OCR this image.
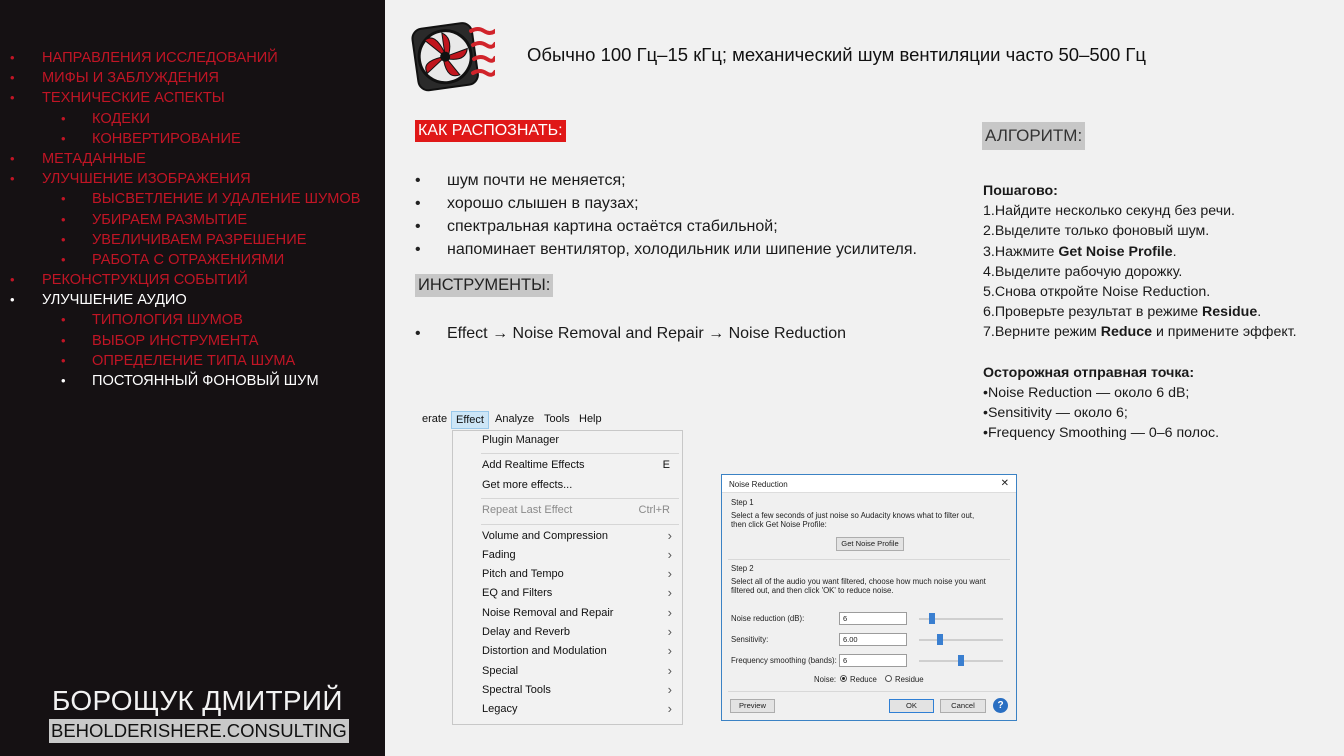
• НАПРАВЛЕНИЯ ИССЛЕДОВАНИЙ
• МИФЫ И ЗАБЛУЖДЕНИЯ
• ТЕХНИЧЕСКИЕ АСПЕКТЫ
• КОДЕКИ
• КОНВЕРТИРОВАНИЕ
• МЕТАДАННЫЕ
• УЛУЧШЕНИЕ ИЗОБРАЖЕНИЯ
• ВЫСВЕТЛЕНИЕ И УДАЛЕНИЕ ШУМОВ
• УБИРАЕМ РАЗМЫТИЕ
• УВЕЛИЧИВАЕМ РАЗРЕШЕНИЕ
• РАБОТА С ОТРАЖЕНИЯМИ
• РЕКОНСТРУКЦИЯ СОБЫТИЙ
• УЛУЧШЕНИЕ АУДИО
• ТИПОЛОГИЯ ШУМОВ
• ВЫБОР ИНСТРУМЕНТА
• ОПРЕДЕЛЕНИЕ ТИПА ШУМА
• ПОСТОЯННЫЙ ФОНОВЫЙ ШУМ
БОРОЩУК ДМИТРИЙ
BEHOLDERISHERE.CONSULTING
Обычно 100 Гц–15 кГц; механический шум вентиляции часто 50–500 Гц
КАК РАСПОЗНАТЬ:
• шум почти не меняется;
• хорошо слышен в паузах;
• спектральная картина остаётся стабильной;
• напоминает вентилятор, холодильник или шипение усилителя.
ИНСТРУМЕНТЫ:
• Effect → Noise Removal and Repair → Noise Reduction
АЛГОРИТМ:
Пошагово:
1.Найдите несколько секунд без речи.
2.Выделите только фоновый шум.
3.Нажмите Get Noise Profile.
4.Выделите рабочую дорожку.
5.Снова откройте Noise Reduction.
6.Проверьте результат в режиме Residue.
7.Верните режим Reduce и примените эффект.
Осторожная отправная точка:
•Noise Reduction — около 6 dB;
•Sensitivity — около 6;
•Frequency Smoothing — 0–6 полос.
erate Effect	Analyze Tools Help
Plugin Manager
Add Realtime Effects	E
Get more effects...
Repeat Last Effect	Ctrl+R
Volume and Compression	›
Fading	›
Pitch and Tempo	›
EQ and Filters	›
Noise Removal and Repair	›
Delay and Reverb	›
Distortion and Modulation	›
Special	›
Spectral Tools	›
Legacy	›
Noise Reduction	✕
Step 1
Select a few seconds of just noise so Audacity knows what to filter out,
then click Get Noise Profile:
Get Noise Profile
Step 2
Select all of the audio you want filtered, choose how much noise you want
filtered out, and then click 'OK' to reduce noise.
Noise reduction (dB):	6
Sensitivity:	6.00
Frequency smoothing (bands): 6
Noise: Reduce Residue
Preview	OK	Cancel	?
